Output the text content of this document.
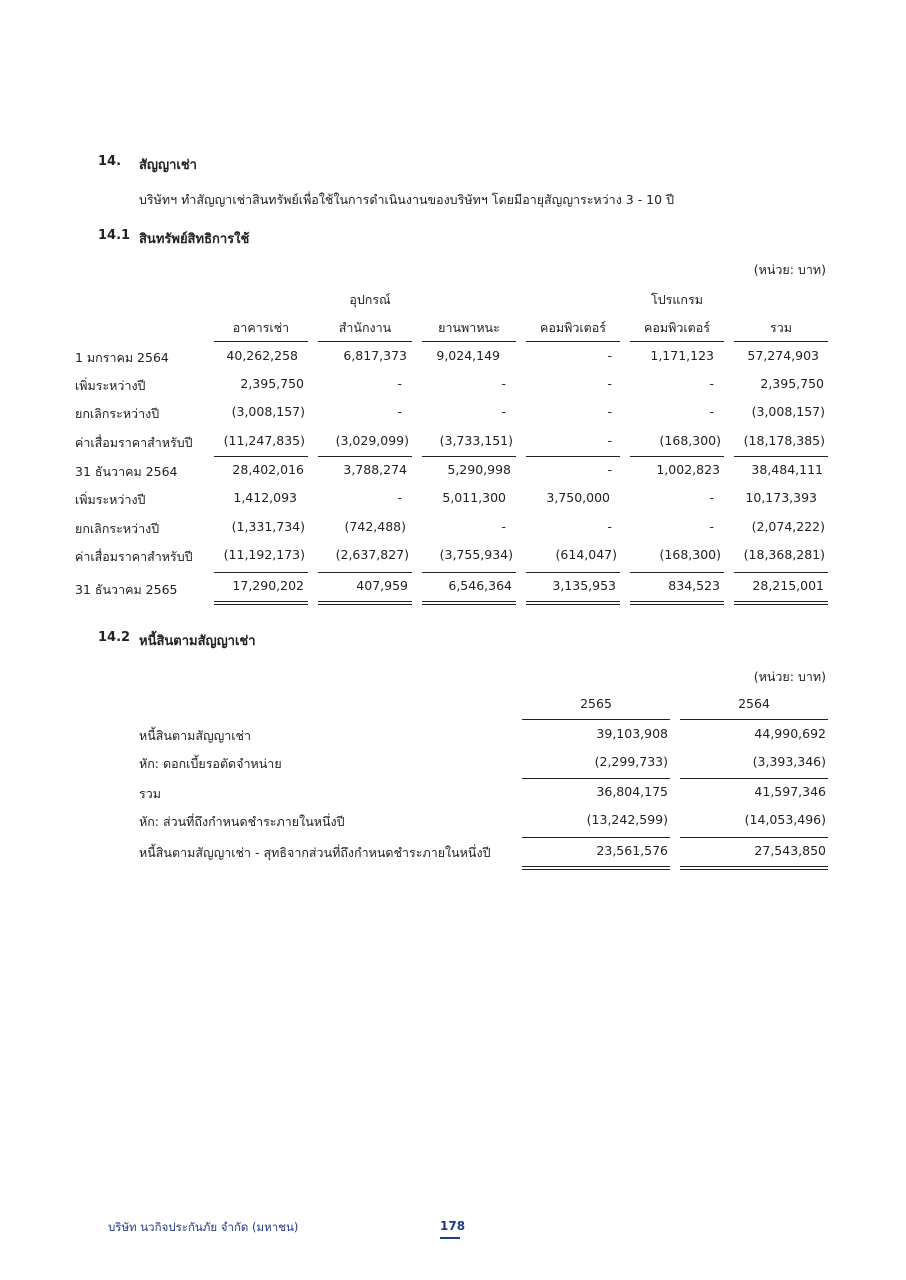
14. สัญญาเช่า
บริษัทฯ ทำสัญญาเช่าสินทรัพย์เพื่อใช้ในการดำเนินงานของบริษัทฯ โดยมีอายุสัญญาระหว่าง 3 - 10 ปี
14.1 สินทรัพย์สิทธิการใช้
(หน่วย: บาท)
อุปกรณ์	โปรแกรม
อาคารเช่า	สำนักงาน	ยานพาหนะ	คอมพิวเตอร์	คอมพิวเตอร์	รวม
1 มกราคม 2564	40,262,258	6,817,373	9,024,149	-	1,171,123	57,274,903
เพิ่มระหว่างปี	2,395,750	-	-	-	-	2,395,750
ยกเลิกระหว่างปี	(3,008,157)	-	-	-	-	(3,008,157)
ค่าเสื่อมราคาสำหรับปี	(11,247,835)	(3,029,099)	(3,733,151)	-	(168,300)	(18,178,385)
31 ธันวาคม 2564	28,402,016	3,788,274	5,290,998	-	1,002,823	38,484,111
เพิ่มระหว่างปี	1,412,093	-	5,011,300	3,750,000	-	10,173,393
ยกเลิกระหว่างปี	(1,331,734)	(742,488)	-	-	-	(2,074,222)
ค่าเสื่อมราคาสำหรับปี	(11,192,173)	(2,637,827)	(3,755,934)	(614,047)	(168,300)	(18,368,281)
31 ธันวาคม 2565	17,290,202	407,959	6,546,364	3,135,953	834,523	28,215,001
14.2 หนี้สินตามสัญญาเช่า
(หน่วย: บาท)
2565	2564
หนี้สินตามสัญญาเช่า	39,103,908	44,990,692
หัก: ดอกเบี้ยรอตัดจำหน่าย	(2,299,733)	(3,393,346)
รวม	36,804,175	41,597,346
หัก: ส่วนที่ถึงกำหนดชำระภายในหนึ่งปี	(13,242,599)	(14,053,496)
หนี้สินตามสัญญาเช่า - สุทธิจากส่วนที่ถึงกำหนดชำระภายในหนึ่งปี	23,561,576	27,543,850
บริษัท นวกิจประกันภัย จำกัด (มหาชน)	178
